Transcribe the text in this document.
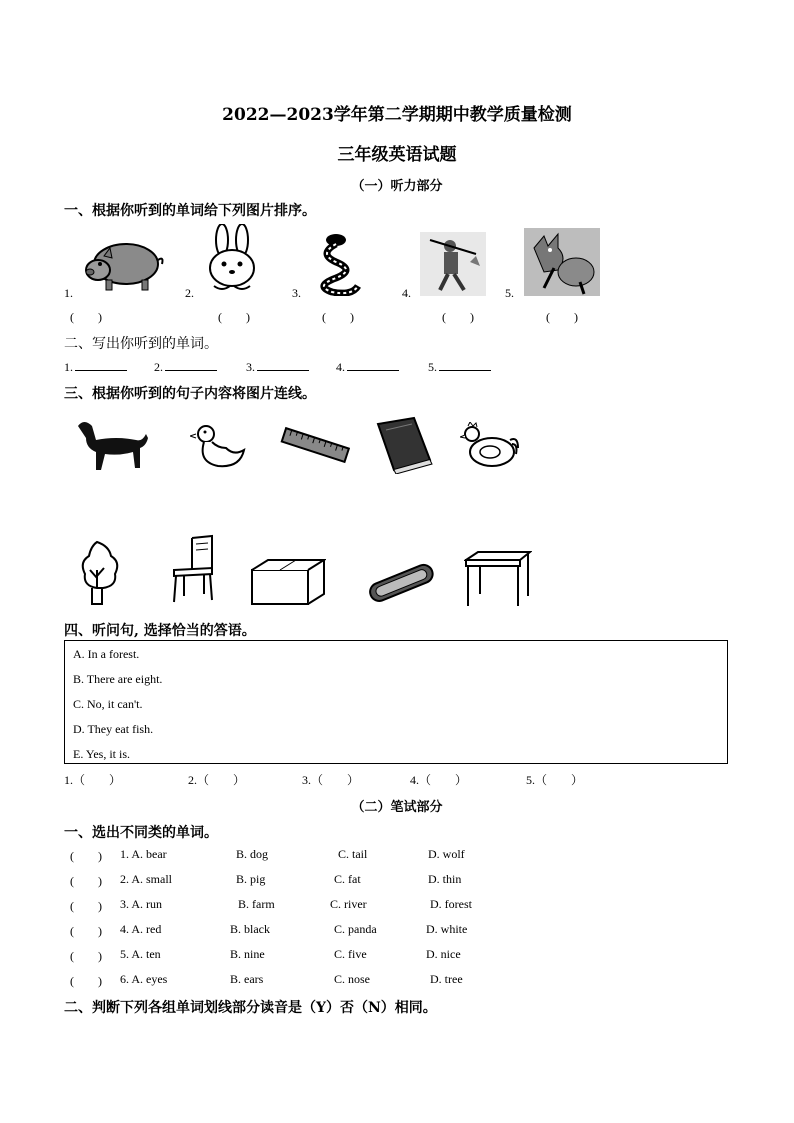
2022—2023学年第二学期期中教学质量检测
三年级英语试题
（一）听力部分
一、根据你听到的单词给下列图片排序。
1.	2.	3.	4.	5.
(　　)	(　　)	(　　)	(　　)	(　　)
二、写出你听到的单词。
1.	2.	3.	4.	5.
三、根据你听到的句子内容将图片连线。
四、听问句, 选择恰当的答语。
A. In a forest.
B. There are eight.
C. No, it can't.
D. They eat fish.
E. Yes, it is.
1.（　　）	2.（　　）	3.（　　）	4.（　　）	5.（　　）
（二）笔试部分
一、选出不同类的单词。
(　　) 1. A. bear	B. dog	C. tail	D. wolf
(　　) 2. A. small	B. pig	C. fat	D. thin
(　　) 3. A. run	B. farm	C. river	D. forest
(　　) 4. A. red	B. black	C. panda	D. white
(　　) 5. A. ten	B. nine	C. five	D. nice
(　　) 6. A. eyes	B. ears	C. nose	D. tree
二、判断下列各组单词划线部分读音是（Y）否（N）相同。
